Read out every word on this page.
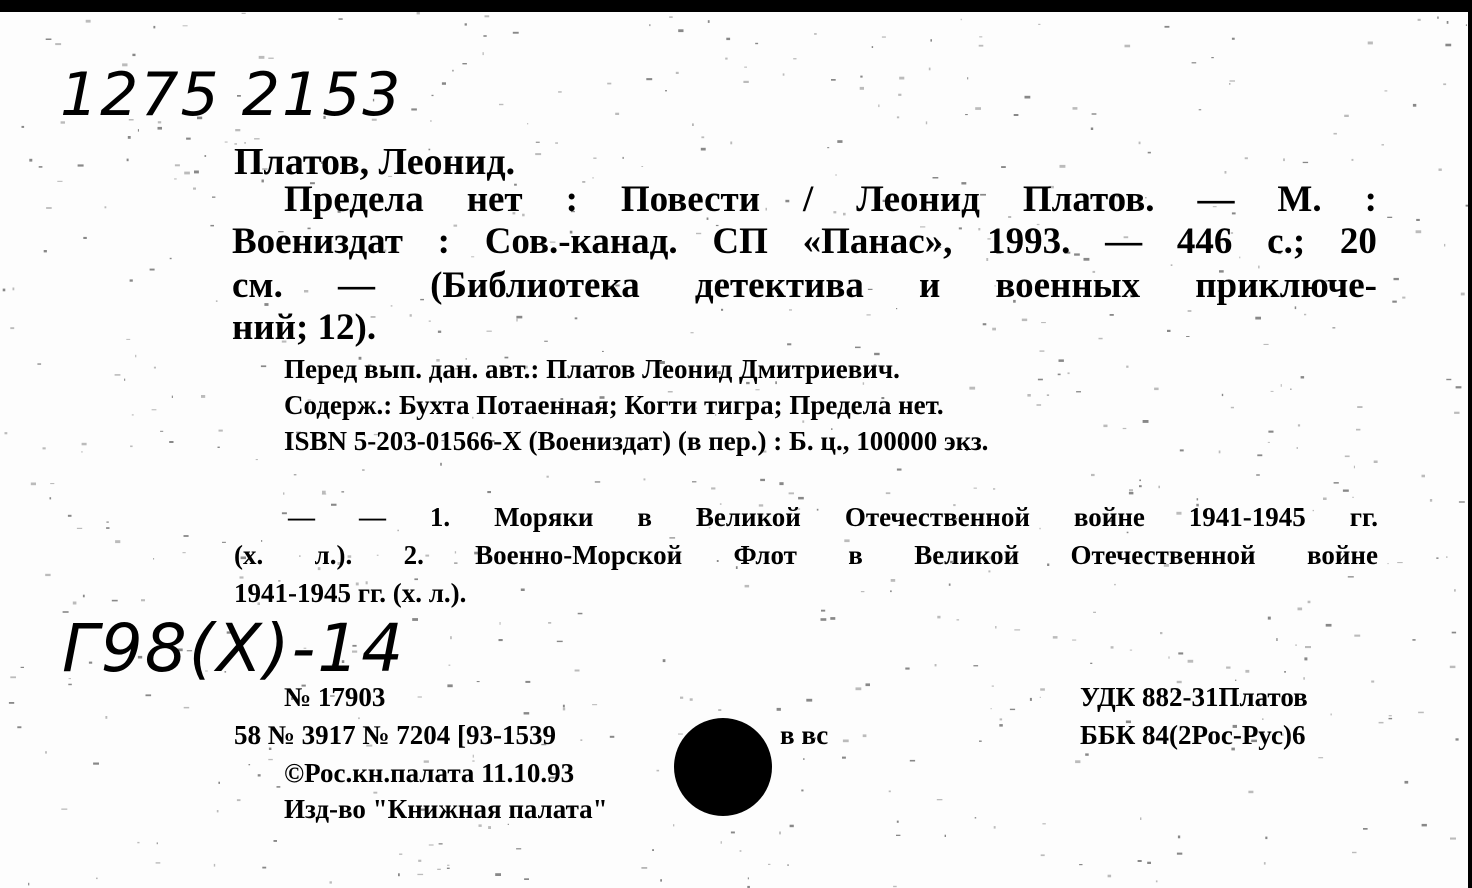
1275 2153
Платов, Леонид.
Предела нет : Повести / Леонид Платов. — М. :
Воениздат : Сов.-канад. СП «Панас», 1993. — 446 с.; 20
см. — (Библиотека детектива и военных приключе-
ний; 12).
Перед вып. дан. авт.: Платов Леонид Дмитриевич.
Содерж.: Бухта Потаенная; Когти тигра; Предела нет.
ISBN 5-203-01566-X (Воениздат) (в пер.) : Б. ц., 100000 экз.
— — 1. Моряки в Великой Отечественной войне 1941-1945 гг.
(х. л.). 2. Военно-Морской Флот в Великой Отечественной войне
1941-1945 гг. (х. л.).
Г98(Х)-14
№ 17903
58 № 3917 № 7204 [93-1539	в вс
©Рос.кн.палата 11.10.93
Изд-во "Книжная палата"
УДК 882-31Платов
ББК 84(2Рос-Рус)6
